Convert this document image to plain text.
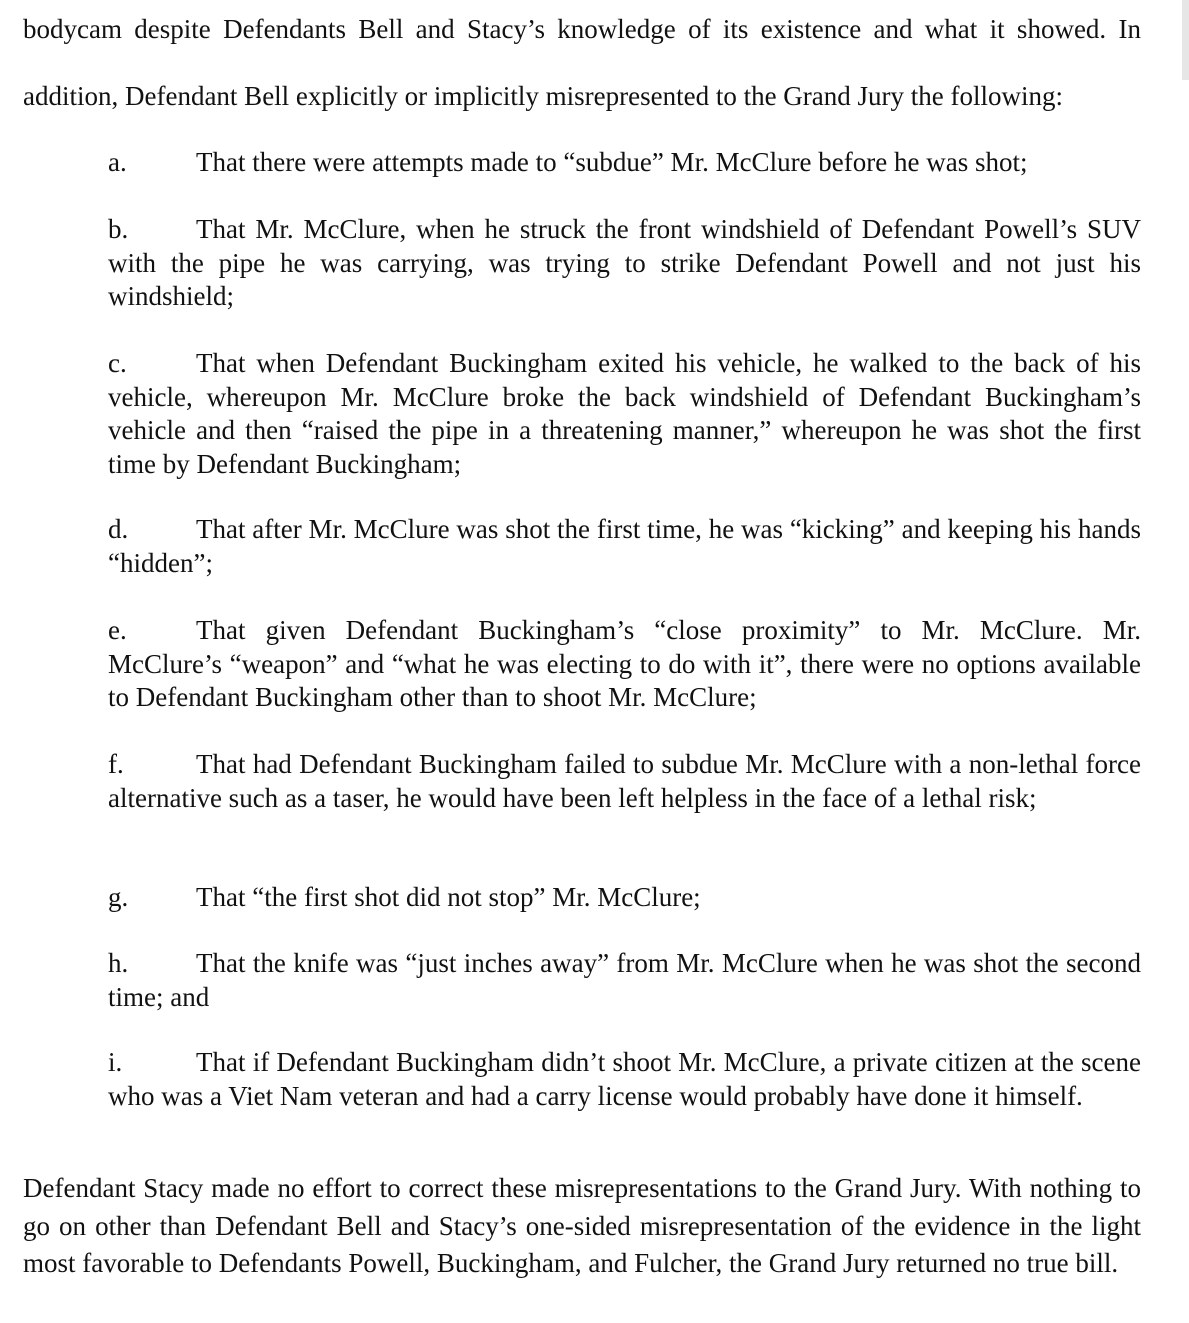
bodycam despite Defendants Bell and Stacy’s knowledge of its existence and what it showed. In addition, Defendant Bell explicitly or implicitly misrepresented to the Grand Jury the following:

a.	That there were attempts made to “subdue” Mr. McClure before he was shot;

b.	That Mr. McClure, when he struck the front windshield of Defendant Powell’s SUV with the pipe he was carrying, was trying to strike Defendant Powell and not just his windshield;

c.	That when Defendant Buckingham exited his vehicle, he walked to the back of his vehicle, whereupon Mr. McClure broke the back windshield of Defendant Buckingham’s vehicle and then “raised the pipe in a threatening manner,” whereupon he was shot the first time by Defendant Buckingham;

d.	That after Mr. McClure was shot the first time, he was “kicking” and keeping his hands “hidden”;

e.	That given Defendant Buckingham’s “close proximity” to Mr. McClure. Mr. McClure’s “weapon” and “what he was electing to do with it”, there were no options available to Defendant Buckingham other than to shoot Mr. McClure;

f.	That had Defendant Buckingham failed to subdue Mr. McClure with a non-lethal force alternative such as a taser, he would have been left helpless in the face of a lethal risk;

g.	That “the first shot did not stop” Mr. McClure;

h.	That the knife was “just inches away” from Mr. McClure when he was shot the second time; and

i.	That if Defendant Buckingham didn’t shoot Mr. McClure, a private citizen at the scene who was a Viet Nam veteran and had a carry license would probably have done it himself.

Defendant Stacy made no effort to correct these misrepresentations to the Grand Jury. With nothing to go on other than Defendant Bell and Stacy’s one-sided misrepresentation of the evidence in the light most favorable to Defendants Powell, Buckingham, and Fulcher, the Grand Jury returned no true bill.
